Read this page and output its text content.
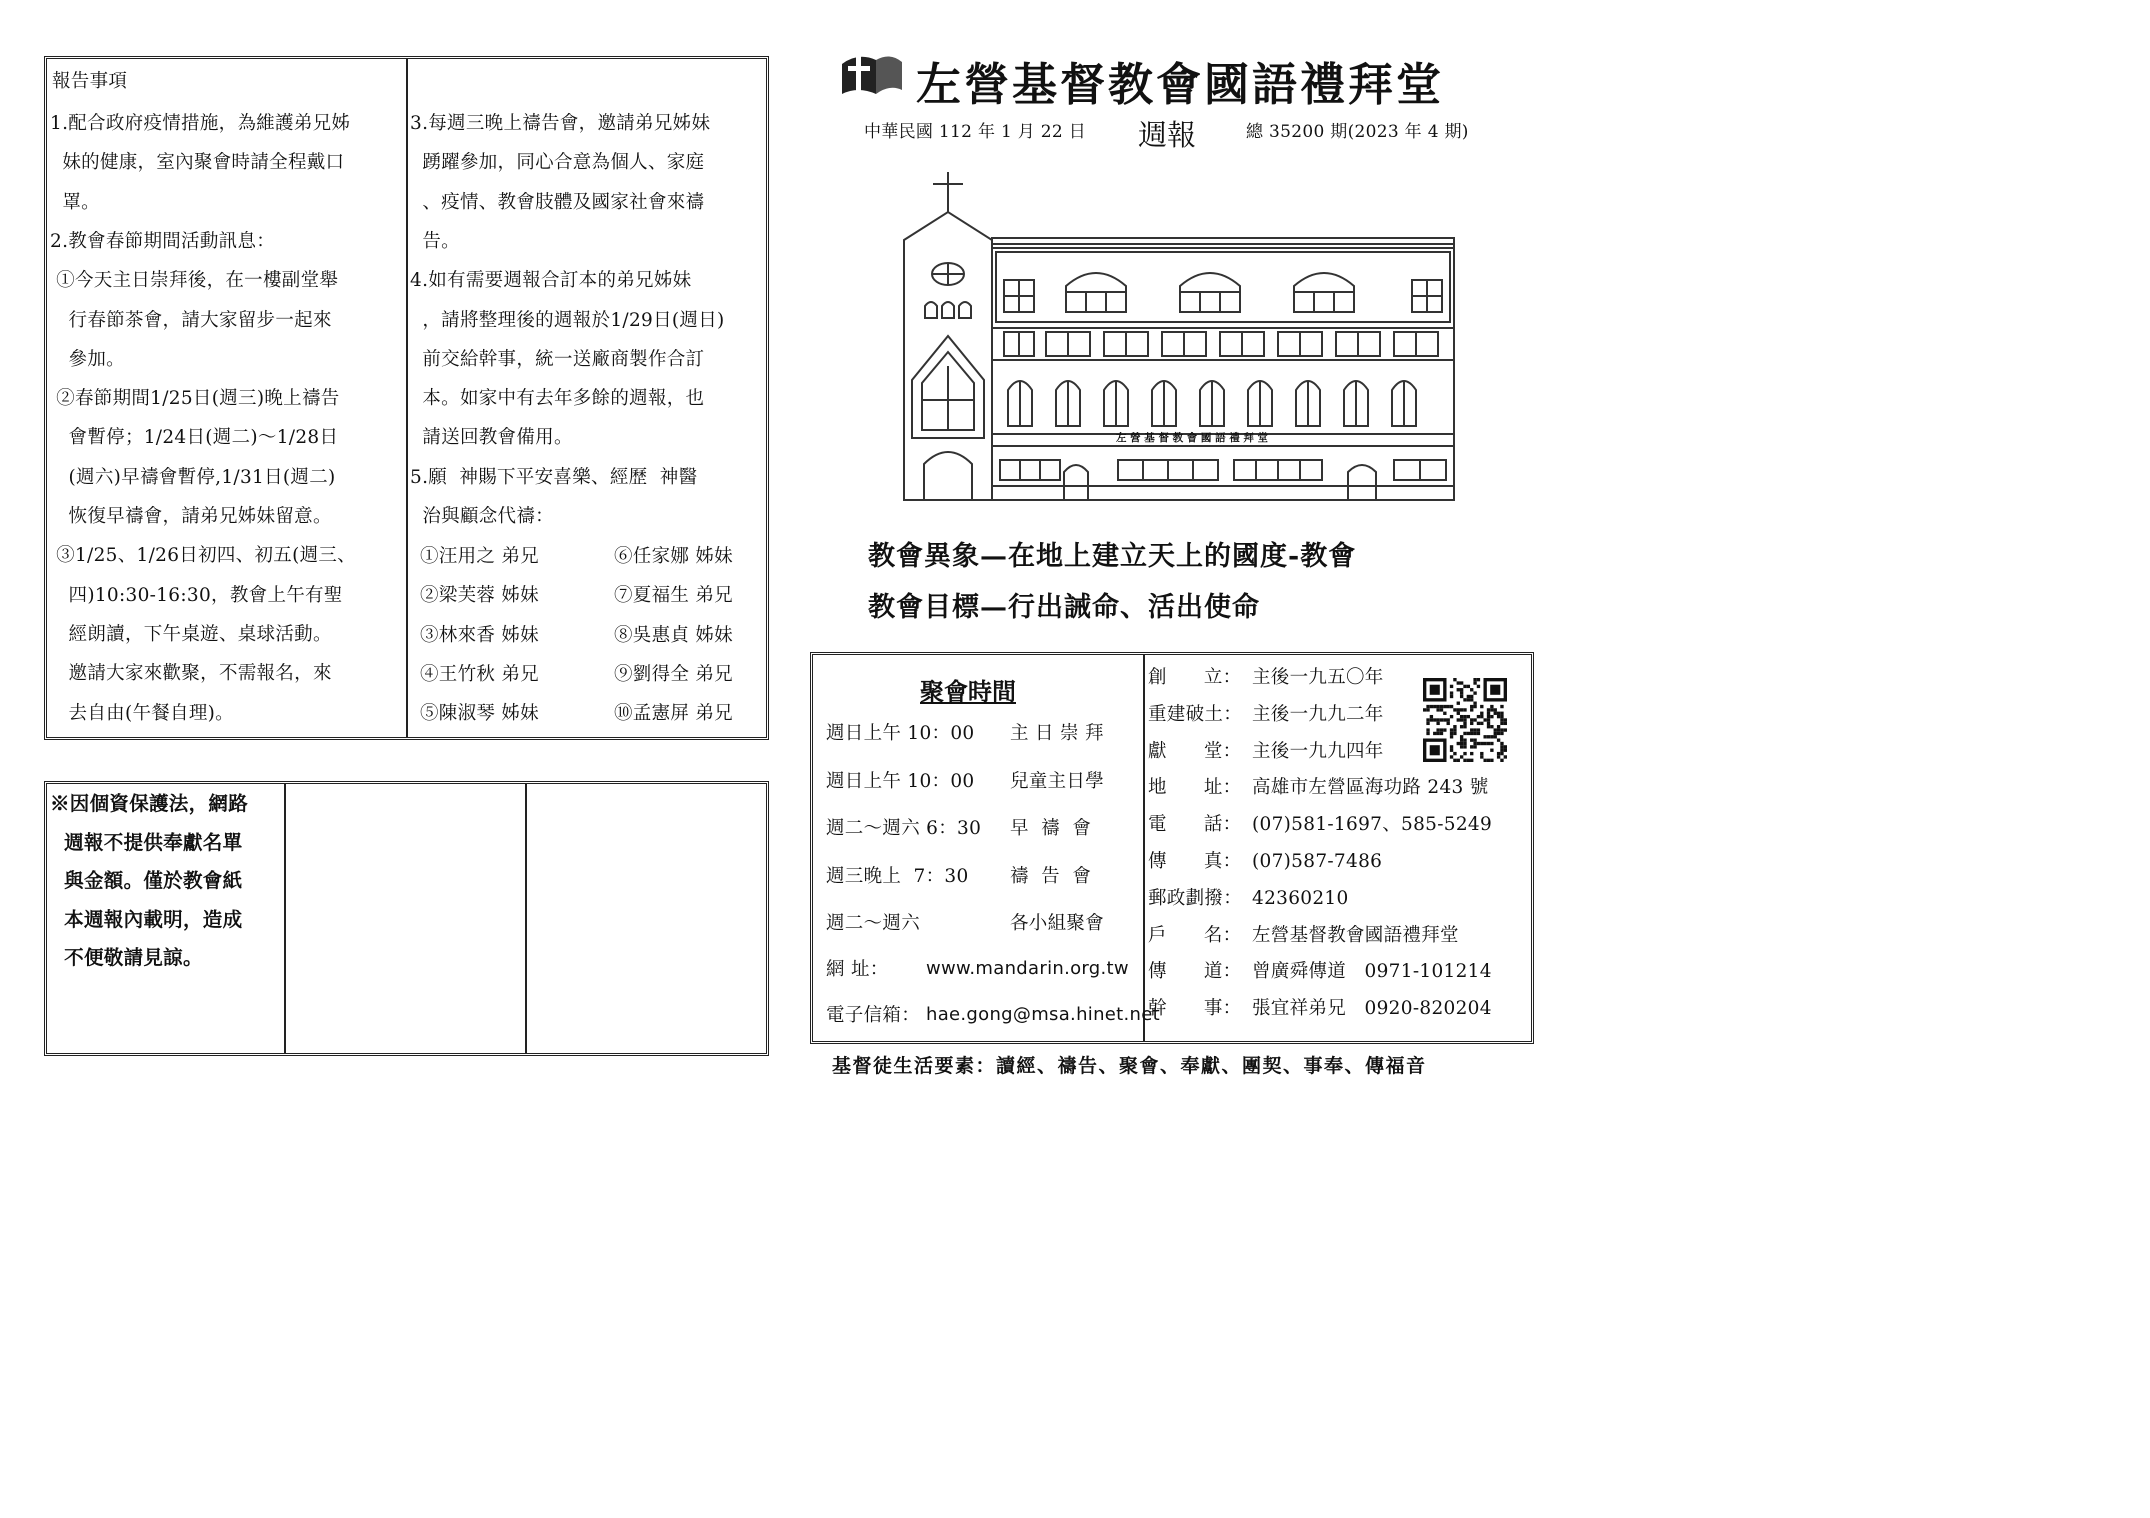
報告事項
1.配合政府疫情措施，為維護弟兄姊
妹的健康，室內聚會時請全程戴口
罩。
2.教會春節期間活動訊息：
①今天主日崇拜後，在一樓副堂舉
行春節茶會，請大家留步一起來
參加。
②春節期間1/25日(週三)晚上禱告
會暫停；1/24日(週二)～1/28日
(週六)早禱會暫停,1/31日(週二)
恢復早禱會，請弟兄姊妹留意。
③1/25、1/26日初四、初五(週三、
四)10:30-16:30，教會上午有聖
經朗讀，下午桌遊、桌球活動。
邀請大家來歡聚，不需報名，來
去自由(午餐自理)。
3.每週三晚上禱告會，邀請弟兄姊妹
踴躍參加，同心合意為個人、家庭
、疫情、教會肢體及國家社會來禱
告。
4.如有需要週報合訂本的弟兄姊妹
，請將整理後的週報於1/29日(週日)
前交給幹事，統一送廠商製作合訂
本。如家中有去年多餘的週報，也
請送回教會備用。
5.願  神賜下平安喜樂、經歷  神醫
治與顧念代禱：
①汪用之 弟兄	⑥任家娜 姊妹
②梁芙蓉 姊妹	⑦夏福生 弟兄
③林來香 姊妹	⑧吳惠貞 姊妹
④王竹秋 弟兄	⑨劉得全 弟兄
⑤陳淑琴 姊妹	⑩孟憲屏 弟兄
※因個資保護法，網路
週報不提供奉獻名單
與金額。僅於教會紙
本週報內載明，造成
不便敬請見諒。
左營基督教會國語禮拜堂
中華民國 112 年 1 月 22 日 週報	總 35200 期(2023 年 4 期)
左 營 基 督 教 會 國 語 禮 拜 堂
教會異象—在地上建立天上的國度-教會
教會目標—行出誡命、活出使命
聚會時間
週日上午 10：00 主 日 崇 拜
週日上午 10：00 兒童主日學
週二～週六 6：30 早  禱  會
週三晚上  7：30 禱  告  會
週二～週六	各小組聚會
網 址： www.mandarin.org.tw
電子信箱： hae.gong@msa.hinet.net
創      立： 主後一九五〇年
重建破土： 主後一九九二年
獻      堂： 主後一九九四年
地      址： 高雄市左營區海功路 243 號
電      話： (07)581-1697、585-5249
傳      真： (07)587-7486
郵政劃撥： 42360210
戶      名： 左營基督教會國語禮拜堂
傳      道： 曾廣舜傳道   0971-101214
幹      事： 張宜祥弟兄   0920-820204
基督徒生活要素：讀經、禱告、聚會、奉獻、團契、事奉、傳福音
